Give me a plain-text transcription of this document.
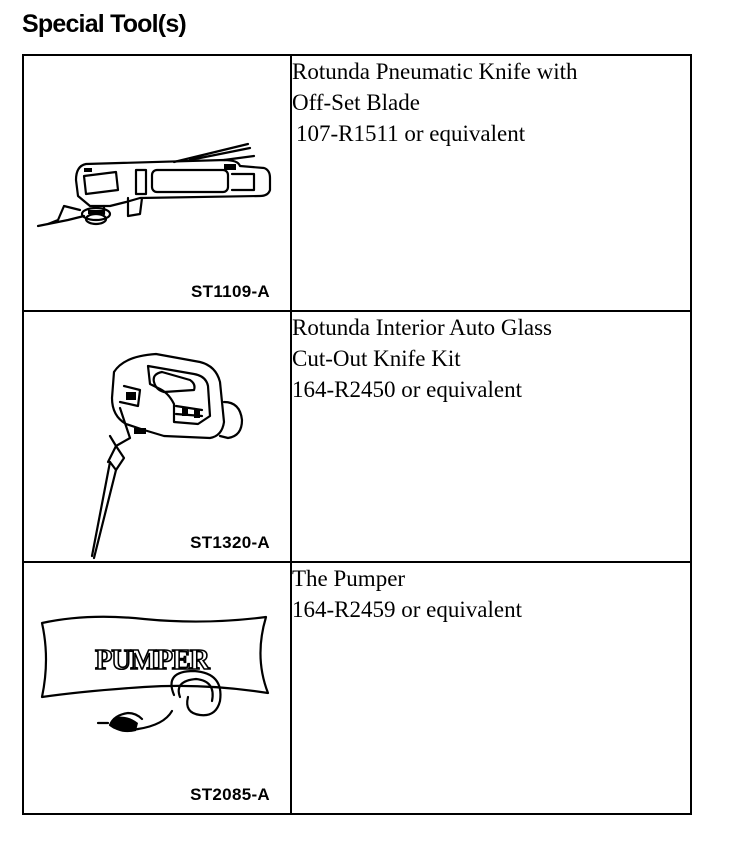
Special Tool(s)
ST1109-A	Rotunda Pneumatic Knife with
Off-Set Blade
107-R1511 or equivalent

ST1320-A	Rotunda Interior Auto Glass
Cut-Out Knife Kit
164-R2450 or equivalent

PUMPER
ST2085-A	The Pumper
164-R2459 or equivalent
